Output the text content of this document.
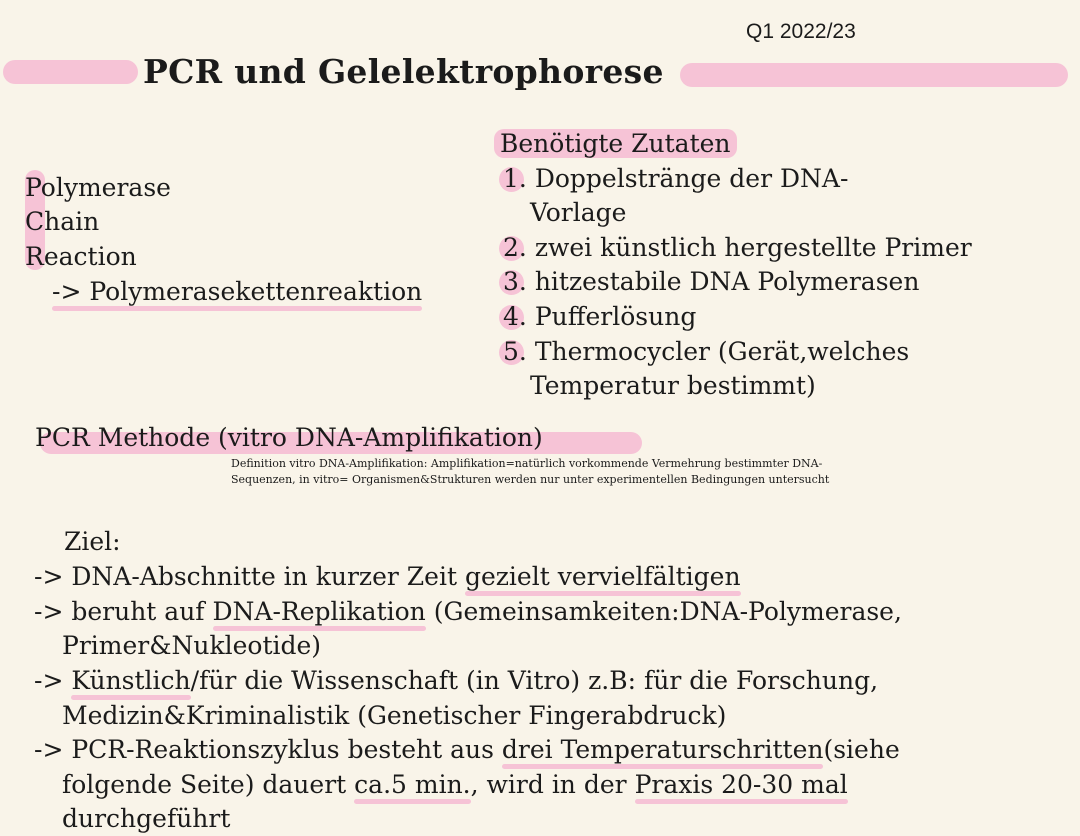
Q1 2022/23
PCR und Gelelektrophorese
Polymerase
Chain
Reaction
-> Polymerasekettenreaktion
Benötigte Zutaten
1. Doppelstränge der DNA-
Vorlage
2. zwei künstlich hergestellte Primer
3. hitzestabile DNA Polymerasen
4. Pufferlösung
5. Thermocycler (Gerät,welches
Temperatur bestimmt)
PCR Methode (vitro DNA-Amplifikation)
Definition vitro DNA-Amplifikation: Amplifikation=natürlich vorkommende Vermehrung bestimmter DNA-
Sequenzen, in vitro= Organismen&Strukturen werden nur unter experimentellen Bedingungen untersucht
Ziel:
-> DNA-Abschnitte in kurzer Zeit gezielt vervielfältigen
-> beruht auf DNA-Replikation (Gemeinsamkeiten:DNA-Polymerase,
Primer&Nukleotide)
-> Künstlich/für die Wissenschaft (in Vitro) z.B: für die Forschung,
Medizin&Kriminalistik (Genetischer Fingerabdruck)
-> PCR-Reaktionszyklus besteht aus drei Temperaturschritten(siehe
folgende Seite) dauert ca.5 min., wird in der Praxis 20-30 mal
durchgeführt
